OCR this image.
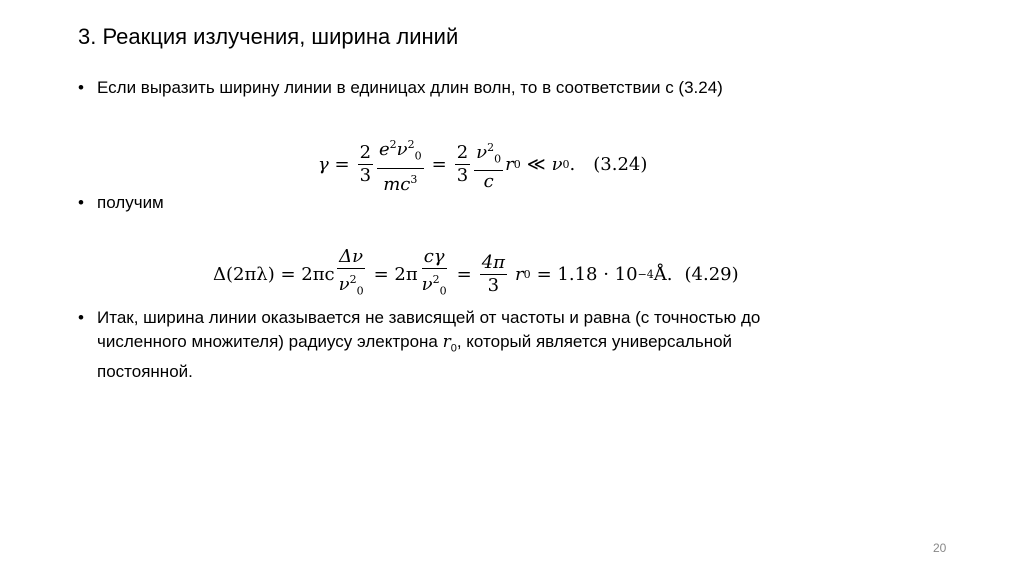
3. Реакция излучения, ширина линий
• Если выразить ширину линии в единицах длин волн, то в соответствии с (3.24)
$\gamma = \frac{2}{3} \frac{e^2\nu^2_0}{mc^3} = \frac{2}{3} \frac{\nu^2_0}{c}$ r 0 ≪ ν 0 . (3.24)
• получим
$\Delta(2\pi\lambda) = 2\pi c \frac{\Delta\nu}{\nu^2_0} = 2\pi \frac{c\gamma}{\nu^2_0} = \frac{4\pi}{3}$ r 0 = 1.18 · 10 −4 Å. (4.29)
• Итак, ширина линии оказывается не зависящей от частоты и равна (с точностью до
численного множителя) радиусу электрона $r_0$, который является универсальной
постоянной.
20
